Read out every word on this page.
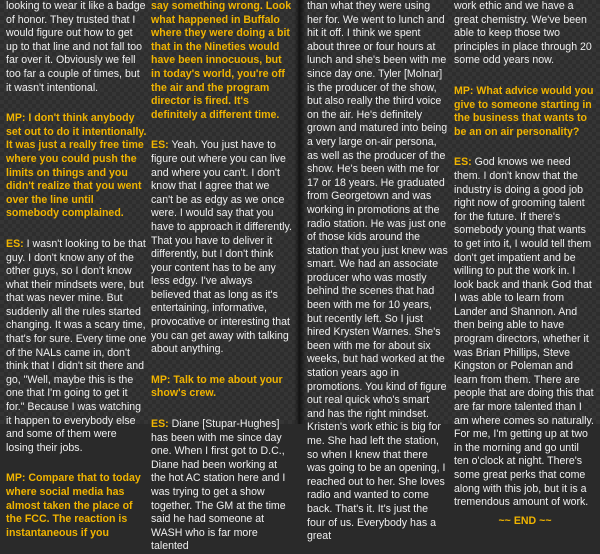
looking to wear it like a badge of honor. They trusted that I would figure out how to get up to that line and not fall too far over it. Obviously we fell too far a couple of times, but it wasn't intentional.

MP: I don't think anybody set out to do it intentionally. It was just a really free time where you could push the limits on things and you didn't realize that you went over the line until somebody complained.

ES: I wasn't looking to be that guy. I don't know any of the other guys, so I don't know what their mindsets were, but that was never mine. But suddenly all the rules started changing. It was a scary time, that's for sure. Every time one of the NALs came in, don't think that I didn't sit there and go, "Well, maybe this is the one that I'm going to get it for." Because I was watching it happen to everybody else and some of them were losing their jobs.

MP: Compare that to today where social media has almost taken the place of the FCC. The reaction is instantaneous if you

say something wrong. Look what happened in Buffalo where they were doing a bit that in the Nineties would have been innocuous, but in today's world, you're off the air and the program director is fired. It's definitely a different time.

ES: Yeah. You just have to figure out where you can live and where you can't. I don't know that I agree that we can't be as edgy as we once were. I would say that you have to approach it differently. That you have to deliver it differently, but I don't think your content has to be any less edgy. I've always believed that as long as it's entertaining, informative, provocative or interesting that you can get away with talking about anything.

MP: Talk to me about your show's crew.

ES: Diane [Stupar-Hughes] has been with me since day one. When I first got to D.C., Diane had been working at the hot AC station here and I was trying to get a show together. The GM at the time said he had someone at WASH who is far more talented

than what they were using her for. We went to lunch and hit it off. I think we spent about three or four hours at lunch and she's been with me since day one. Tyler [Molnar] is the producer of the show, but also really the third voice on the air. He's definitely grown and matured into being a very large on-air persona, as well as the producer of the show. He's been with me for 17 or 18 years. He graduated from Georgetown and was working in promotions at the radio station. He was just one of those kids around the station that you just knew was smart. We had an associate producer who was mostly behind the scenes that had been with me for 10 years, but recently left. So I just hired Krysten Warnes. She's been with me for about six weeks, but had worked at the station years ago in promotions. You kind of figure out real quick who's smart and has the right mindset. Kristen's work ethic is big for me. She had left the station, so when I knew that there was going to be an opening, I reached out to her. She loves radio and wanted to come back. That's it. It's just the four of us. Everybody has a great

work ethic and we have a great chemistry. We've been able to keep those two principles in place through 20 some odd years now.

MP: What advice would you give to someone starting in the business that wants to be an on air personality?

ES: God knows we need them. I don't know that the industry is doing a good job right now of grooming talent for the future. If there's somebody young that wants to get into it, I would tell them don't get impatient and be willing to put the work in. I look back and thank God that I was able to learn from Lander and Shannon. And then being able to have program directors, whether it was Brian Phillips, Steve Kingston or Poleman and learn from them. There are people that are doing this that are far more talented than I am where comes so naturally. For me, I'm getting up at two in the morning and go until ten o'clock at night. There's some great perks that come along with this job, but it is a tremendous amount of work.

~~ END ~~
